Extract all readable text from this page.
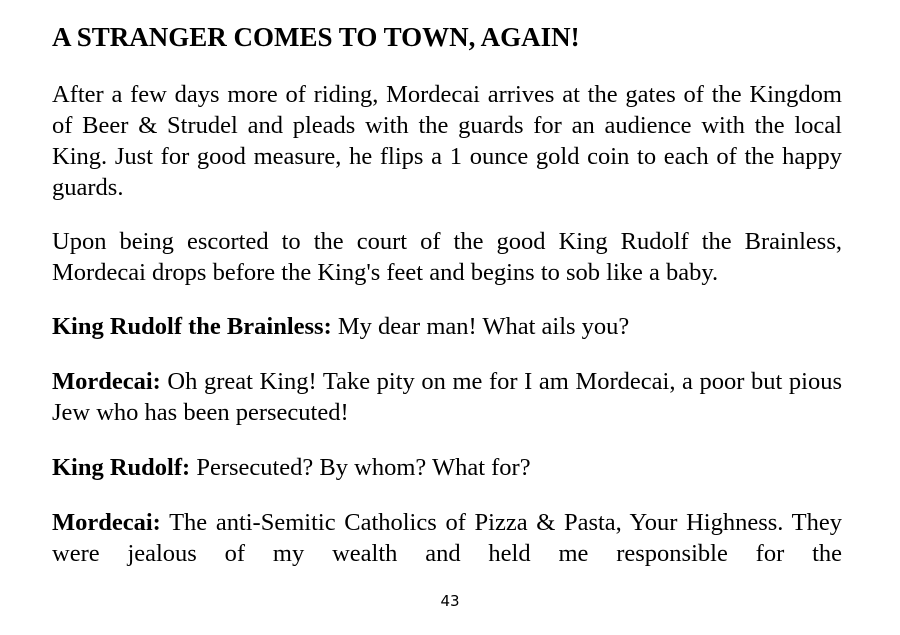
A STRANGER COMES TO TOWN, AGAIN!

After a few days more of riding, Mordecai arrives at the gates of the Kingdom of Beer & Strudel and pleads with the guards for an audience with the local King. Just for good measure, he flips a 1 ounce gold coin to each of the happy guards.

Upon being escorted to the court of the good King Rudolf the Brainless, Mordecai drops before the King's feet and begins to sob like a baby.

King Rudolf the Brainless: My dear man! What ails you?

Mordecai: Oh great King! Take pity on me for I am Mordecai, a poor but pious Jew who has been persecuted!

King Rudolf: Persecuted? By whom? What for?

Mordecai: The anti-Semitic Catholics of Pizza & Pasta, Your Highness. They were jealous of my wealth and held me responsible for the

43
